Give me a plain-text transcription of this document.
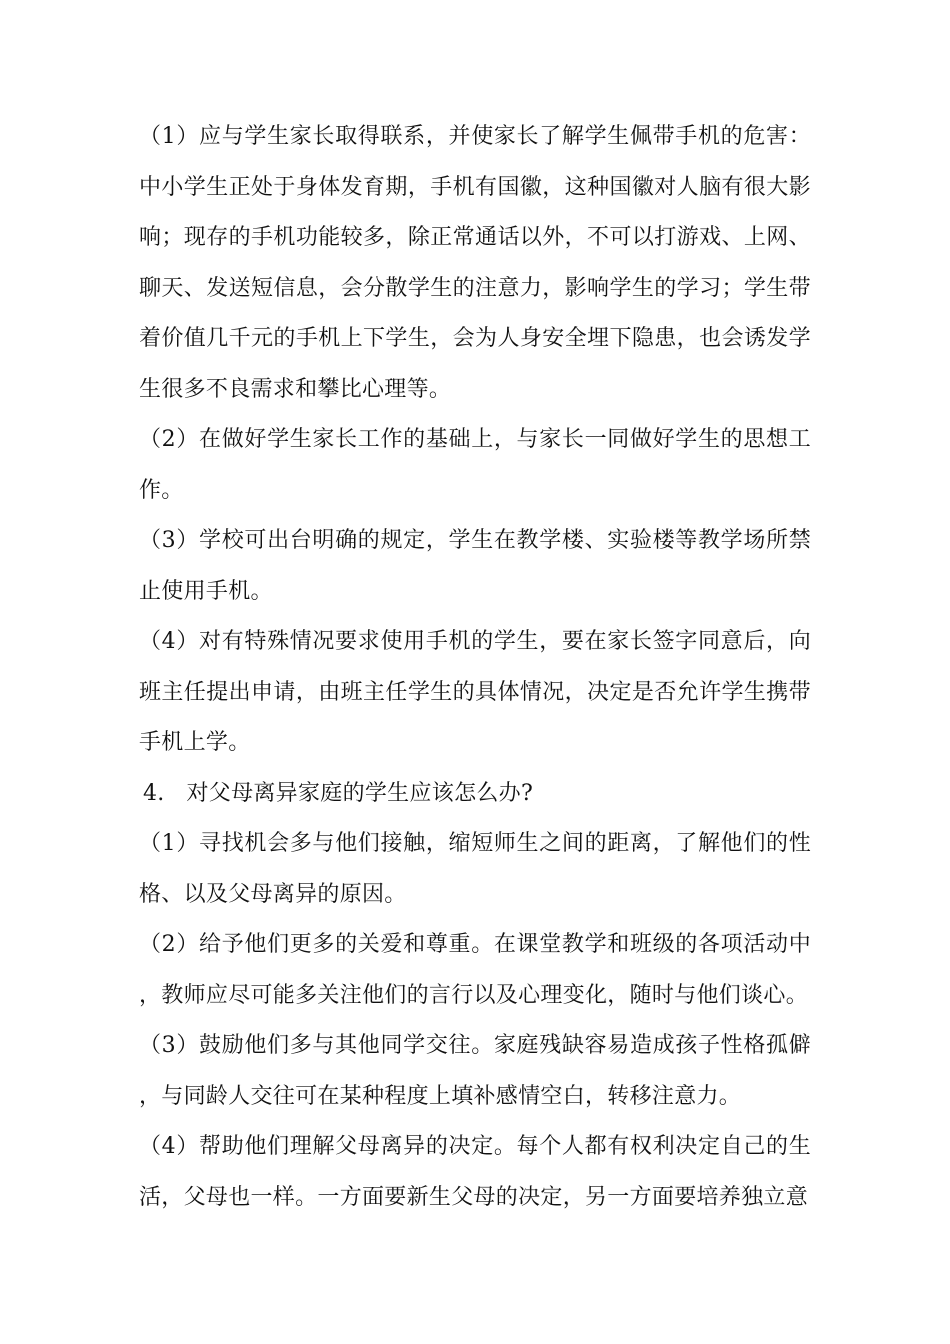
（1）应与学生家长取得联系，并使家长了解学生佩带手机的危害：中小学生正处于身体发育期，手机有国徽，这种国徽对人脑有很大影响；现存的手机功能较多，除正常通话以外，不可以打游戏、上网、聊天、发送短信息，会分散学生的注意力，影响学生的学习；学生带着价值几千元的手机上下学生，会为人身安全埋下隐患，也会诱发学生很多不良需求和攀比心理等。

（2）在做好学生家长工作的基础上，与家长一同做好学生的思想工作。

（3）学校可出台明确的规定，学生在教学楼、实验楼等教学场所禁止使用手机。

（4）对有特殊情况要求使用手机的学生，要在家长签字同意后，向班主任提出申请，由班主任学生的具体情况，决定是否允许学生携带手机上学。

4.   对父母离异家庭的学生应该怎么办?

（1）寻找机会多与他们接触，缩短师生之间的距离，了解他们的性格、以及父母离异的原因。

（2）给予他们更多的关爱和尊重。在课堂教学和班级的各项活动中，教师应尽可能多关注他们的言行以及心理变化，随时与他们谈心。

（3）鼓励他们多与其他同学交往。家庭残缺容易造成孩子性格孤僻，与同龄人交往可在某种程度上填补感情空白，转移注意力。

（4）帮助他们理解父母离异的决定。每个人都有权利决定自己的生活，父母也一样。一方面要新生父母的决定，另一方面要培养独立意
